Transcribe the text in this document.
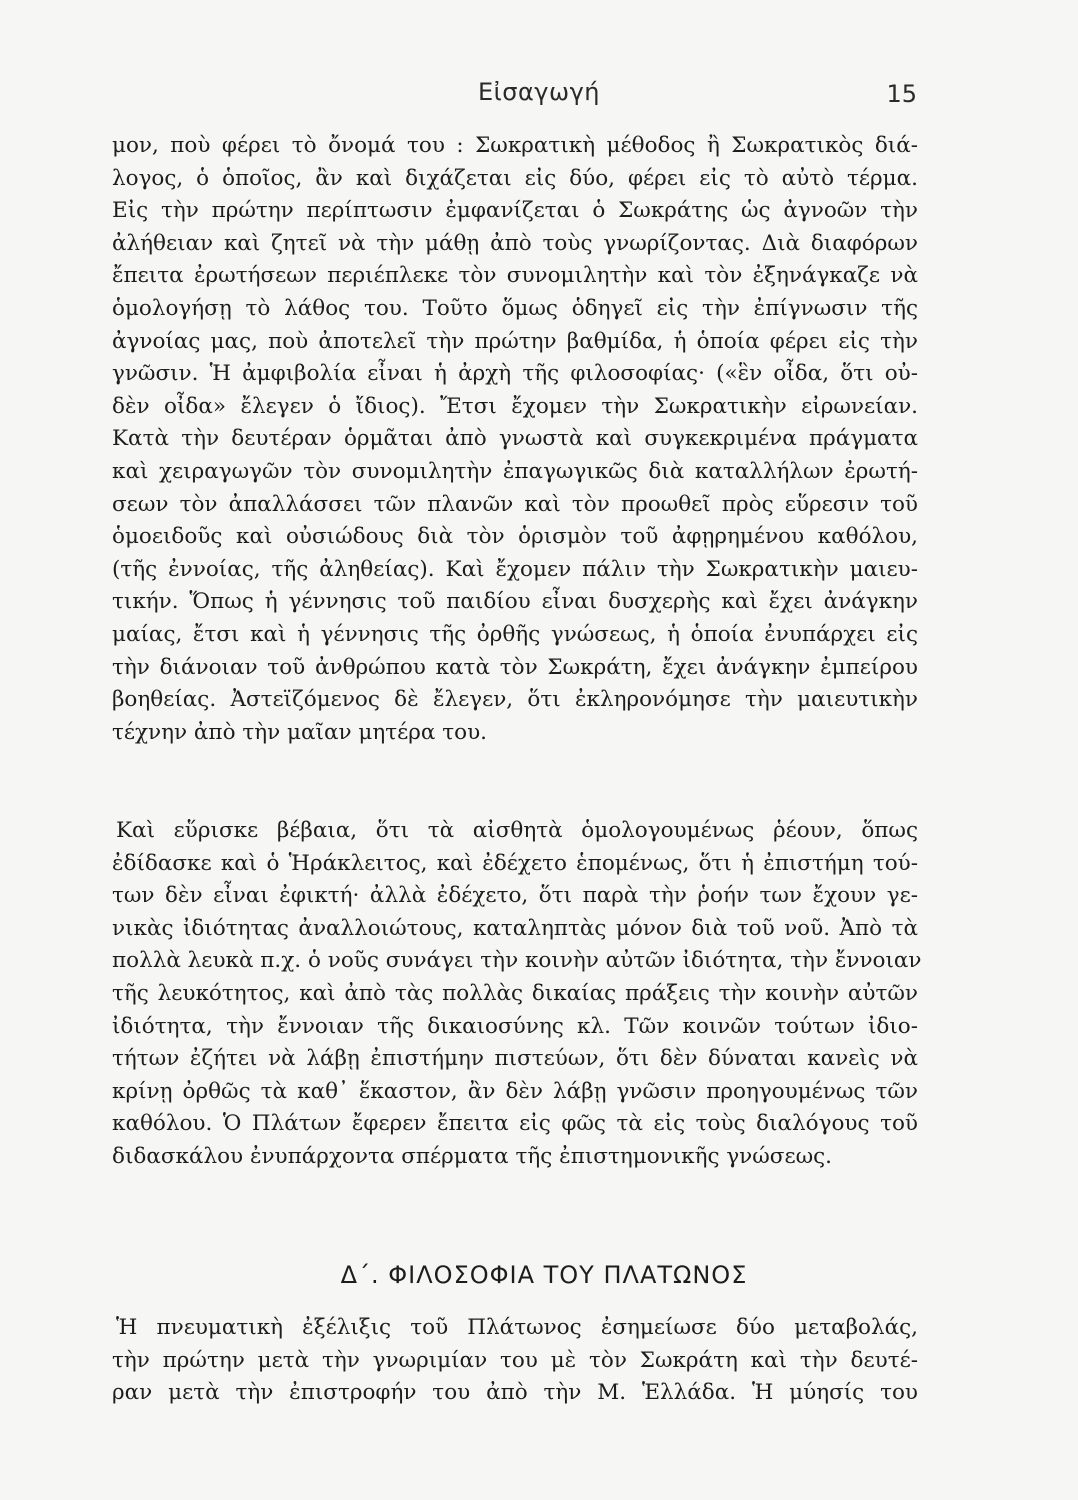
Εἰσαγωγή	15
μον, ποὺ φέρει τὸ ὄνομά του : Σωκρατικὴ μέθοδος ἢ Σωκρατικὸς διά-
λογος, ὁ ὁποῖος, ἂν καὶ διχάζεται εἰς δύο, φέρει εἰς τὸ αὐτὸ τέρμα.
Εἰς τὴν πρώτην περίπτωσιν ἐμφανίζεται ὁ Σωκράτης ὡς ἀγνοῶν τὴν
ἀλήθειαν καὶ ζητεῖ νὰ τὴν μάθῃ ἀπὸ τοὺς γνωρίζοντας. Διὰ διαφόρων
ἔπειτα ἐρωτήσεων περιέπλεκε τὸν συνομιλητὴν καὶ τὸν ἐξηνάγκαζε νὰ
ὁμολογήσῃ τὸ λάθος του. Τοῦτο ὅμως ὁδηγεῖ εἰς τὴν ἐπίγνωσιν τῆς
ἀγνοίας μας, ποὺ ἀποτελεῖ τὴν πρώτην βαθμίδα, ἡ ὁποία φέρει εἰς τὴν
γνῶσιν. Ἡ ἀμφιβολία εἶναι ἡ ἀρχὴ τῆς φιλοσοφίας· («ἓν οἶδα, ὅτι οὐ-
δὲν οἶδα» ἔλεγεν ὁ ἴδιος). Ἔτσι ἔχομεν τὴν Σωκρατικὴν εἰρωνείαν.
Κατὰ τὴν δευτέραν ὁρμᾶται ἀπὸ γνωστὰ καὶ συγκεκριμένα πράγματα
καὶ χειραγωγῶν τὸν συνομιλητὴν ἐπαγωγικῶς διὰ καταλλήλων ἐρωτή-
σεων τὸν ἀπαλλάσσει τῶν πλανῶν καὶ τὸν προωθεῖ πρὸς εὕρεσιν τοῦ
ὁμοειδοῦς καὶ οὐσιώδους διὰ τὸν ὁρισμὸν τοῦ ἀφῃρημένου καθόλου,
(τῆς ἐννοίας, τῆς ἀληθείας). Καὶ ἔχομεν πάλιν τὴν Σωκρατικὴν μαιευ-
τικήν. Ὅπως ἡ γέννησις τοῦ παιδίου εἶναι δυσχερὴς καὶ ἔχει ἀνάγκην
μαίας, ἔτσι καὶ ἡ γέννησις τῆς ὀρθῆς γνώσεως, ἡ ὁποία ἐνυπάρχει εἰς
τὴν διάνοιαν τοῦ ἀνθρώπου κατὰ τὸν Σωκράτη, ἔχει ἀνάγκην ἐμπείρου
βοηθείας. Ἀστεϊζόμενος δὲ ἔλεγεν, ὅτι ἐκληρονόμησε τὴν μαιευτικὴν
τέχνην ἀπὸ τὴν μαῖαν μητέρα του.
Καὶ εὕρισκε βέβαια, ὅτι τὰ αἰσθητὰ ὁμολογουμένως ῥέουν, ὅπως
ἐδίδασκε καὶ ὁ Ἡράκλειτος, καὶ ἐδέχετο ἑπομένως, ὅτι ἡ ἐπιστήμη τού-
των δὲν εἶναι ἐφικτή· ἀλλὰ ἐδέχετο, ὅτι παρὰ τὴν ῥοήν των ἔχουν γε-
νικὰς ἰδιότητας ἀναλλοιώτους, καταληπτὰς μόνον διὰ τοῦ νοῦ. Ἀπὸ τὰ
πολλὰ λευκὰ π.χ. ὁ νοῦς συνάγει τὴν κοινὴν αὐτῶν ἰδιότητα, τὴν ἔννοιαν
τῆς λευκότητος, καὶ ἀπὸ τὰς πολλὰς δικαίας πράξεις τὴν κοινὴν αὐτῶν
ἰδιότητα, τὴν ἔννοιαν τῆς δικαιοσύνης κλ. Τῶν κοινῶν τούτων ἰδιο-
τήτων ἐζήτει νὰ λάβῃ ἐπιστήμην πιστεύων, ὅτι δὲν δύναται κανεὶς νὰ
κρίνῃ ὀρθῶς τὰ καθ᾽ ἕκαστον, ἂν δὲν λάβῃ γνῶσιν προηγουμένως τῶν
καθόλου. Ὁ Πλάτων ἔφερεν ἔπειτα εἰς φῶς τὰ εἰς τοὺς διαλόγους τοῦ
διδασκάλου ἐνυπάρχοντα σπέρματα τῆς ἐπιστημονικῆς γνώσεως.
Δ΄. ΦΙΛΟΣΟΦΙΑ ΤΟΥ ΠΛΑΤΩΝΟΣ
Ἡ πνευματικὴ ἐξέλιξις τοῦ Πλάτωνος ἐσημείωσε δύο μεταβολάς,
τὴν πρώτην μετὰ τὴν γνωριμίαν του μὲ τὸν Σωκράτη καὶ τὴν δευτέ-
ραν μετὰ τὴν ἐπιστροφήν του ἀπὸ τὴν Μ. Ἑλλάδα. Ἡ μύησίς του
